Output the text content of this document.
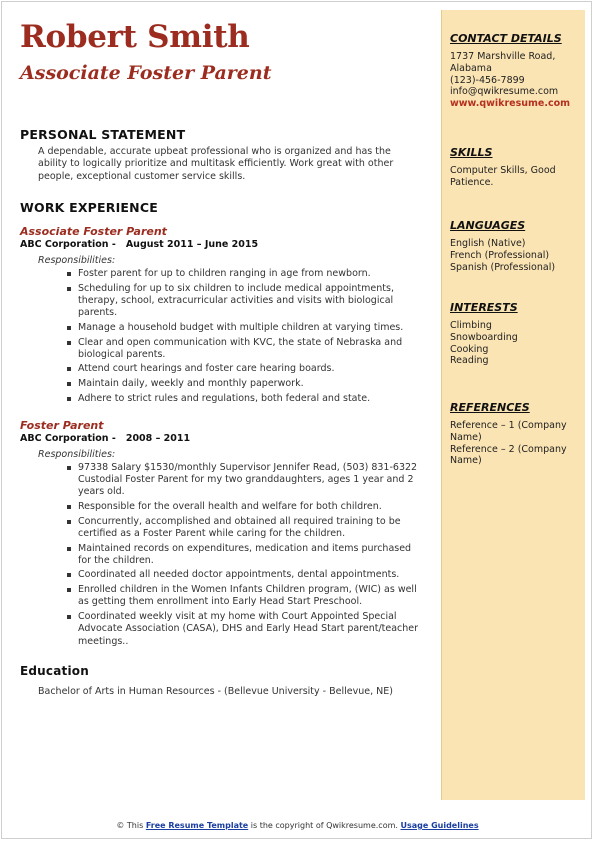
Robert Smith
Associate Foster Parent
PERSONAL STATEMENT
A dependable, accurate upbeat professional who is organized and has the ability to logically prioritize and multitask efficiently. Work great with other people, exceptional customer service skills.
WORK EXPERIENCE
Associate Foster Parent
ABC Corporation - August 2011 – June 2015
Responsibilities:
Foster parent for up to children ranging in age from newborn.
Scheduling for up to six children to include medical appointments, therapy, school, extracurricular activities and visits with biological parents.
Manage a household budget with multiple children at varying times.
Clear and open communication with KVC, the state of Nebraska and biological parents.
Attend court hearings and foster care hearing boards.
Maintain daily, weekly and monthly paperwork.
Adhere to strict rules and regulations, both federal and state.
Foster Parent
ABC Corporation - 2008 – 2011
Responsibilities:
97338 Salary $1530/monthly Supervisor Jennifer Read, (503) 831-6322 Custodial Foster Parent for my two granddaughters, ages 1 year and 2 years old.
Responsible for the overall health and welfare for both children.
Concurrently, accomplished and obtained all required training to be certified as a Foster Parent while caring for the children.
Maintained records on expenditures, medication and items purchased for the children.
Coordinated all needed doctor appointments, dental appointments.
Enrolled children in the Women Infants Children program, (WIC) as well as getting them enrollment into Early Head Start Preschool.
Coordinated weekly visit at my home with Court Appointed Special Advocate Association (CASA), DHS and Early Head Start parent/teacher meetings..
Education
Bachelor of Arts in Human Resources - (Bellevue University - Bellevue, NE)
CONTACT DETAILS
1737 Marshville Road,
Alabama
(123)-456-7899
info@qwikresume.com
www.qwikresume.com
SKILLS
Computer Skills, Good Patience.
LANGUAGES
English (Native)
French (Professional)
Spanish (Professional)
INTERESTS
Climbing
Snowboarding
Cooking
Reading
REFERENCES
Reference – 1 (Company Name)
Reference – 2 (Company Name)
© This Free Resume Template is the copyright of Qwikresume.com. Usage Guidelines
